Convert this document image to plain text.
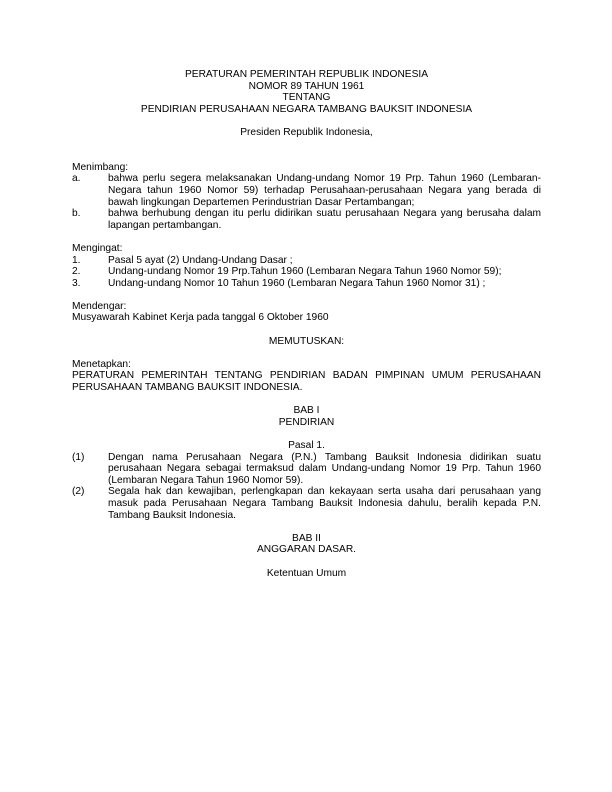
PERATURAN PEMERINTAH REPUBLIK INDONESIA
NOMOR 89 TAHUN 1961
TENTANG
PENDIRIAN PERUSAHAAN NEGARA TAMBANG BAUKSIT INDONESIA
Presiden Republik Indonesia,
Menimbang:
a.	bahwa perlu segera melaksanakan Undang-undang Nomor 19 Prp. Tahun 1960 (Lembaran-Negara tahun 1960 Nomor 59) terhadap Perusahaan-perusahaan Negara yang berada di bawah lingkungan Departemen Perindustrian Dasar Pertambangan;
b.	bahwa berhubung dengan itu perlu didirikan suatu perusahaan Negara yang berusaha dalam lapangan pertambangan.
Mengingat:
1.	Pasal 5 ayat (2) Undang-Undang Dasar ;
2.	Undang-undang Nomor 19 Prp.Tahun 1960 (Lembaran Negara Tahun 1960 Nomor 59);
3.	Undang-undang Nomor 10 Tahun 1960 (Lembaran Negara Tahun 1960 Nomor 31) ;
Mendengar:
Musyawarah Kabinet Kerja pada tanggal 6 Oktober 1960
MEMUTUSKAN:
Menetapkan:
PERATURAN PEMERINTAH TENTANG PENDIRIAN BADAN PIMPINAN UMUM PERUSAHAAN PERUSAHAAN TAMBANG BAUKSIT INDONESIA.
BAB I
PENDIRIAN
Pasal 1.
(1)	Dengan nama Perusahaan Negara (P.N.) Tambang Bauksit Indonesia didirikan suatu perusahaan Negara sebagai termaksud dalam Undang-undang Nomor 19 Prp. Tahun 1960 (Lembaran Negara Tahun 1960 Nomor 59).
(2)	Segala hak dan kewajiban, perlengkapan dan kekayaan serta usaha dari perusahaan yang masuk pada Perusahaan Negara Tambang Bauksit Indonesia dahulu, beralih kepada P.N. Tambang Bauksit Indonesia.
BAB II
ANGGARAN DASAR.
Ketentuan Umum
